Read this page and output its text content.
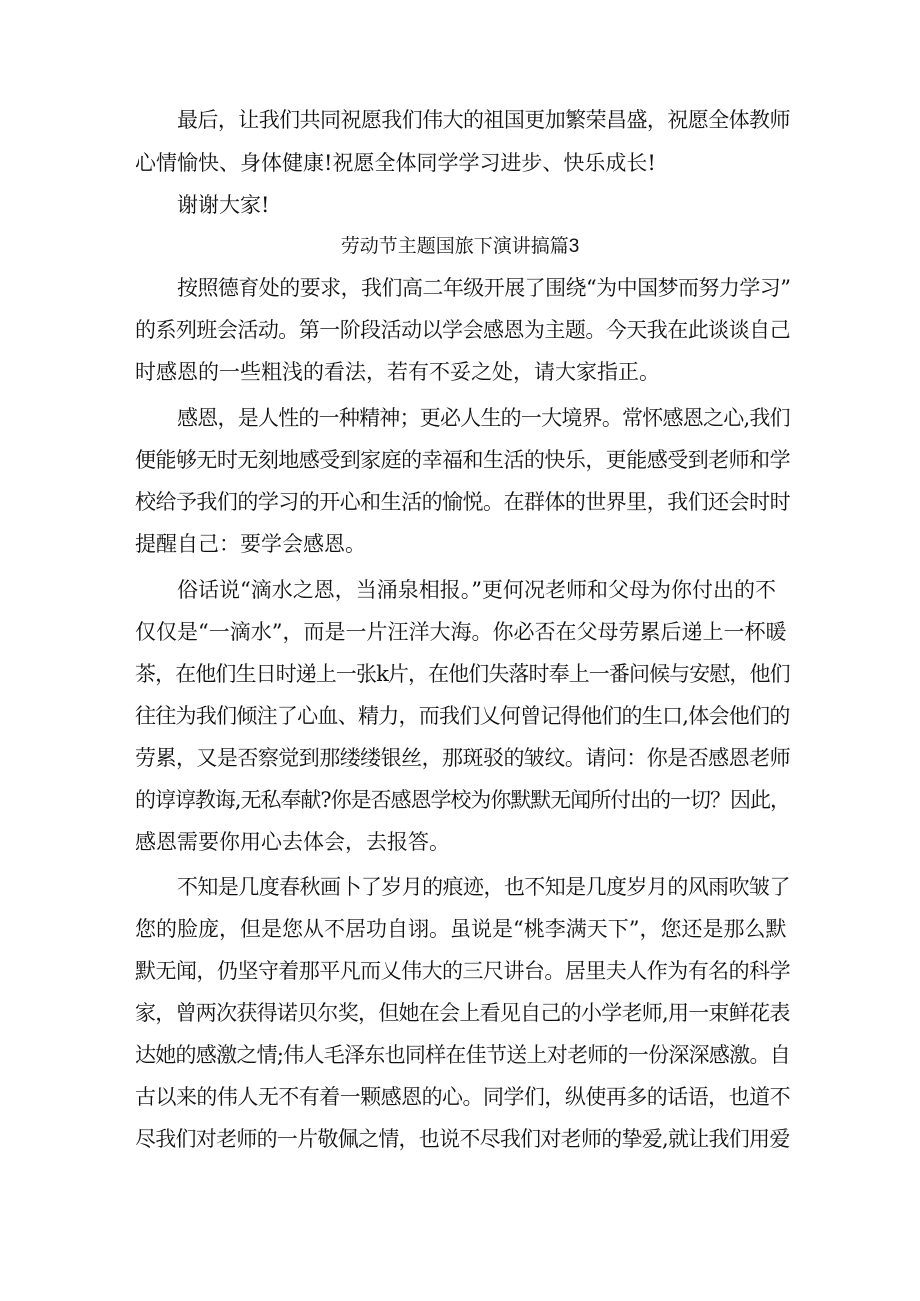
最后，让我们共同祝愿我们伟大的祖国更加繁荣昌盛，祝愿全体教师
心情愉快、身体健康!祝愿全体同学学习进步、快乐成长!
谢谢大家!
劳动节主题国旅下演讲搞篇3
按照德育处的要求，我们高二年级开展了围绕“为中国梦而努力学习”
的系列班会活动。第一阶段活动以学会感恩为主题。今天我在此谈谈自己
时感恩的一些粗浅的看法，若有不妥之处，请大家指正。
感恩，是人性的一种精神；更必人生的一大境界。常怀感恩之心,我们
便能够无时无刻地感受到家庭的幸福和生活的快乐，更能感受到老师和学
校给予我们的学习的开心和生活的愉悦。在群体的世界里，我们还会时时
提醒自己：要学会感恩。
俗话说“滴水之恩，当涌泉相报。”更何况老师和父母为你付出的不
仅仅是“一滴水”，而是一片汪洋大海。你必否在父母劳累后递上一杯暖
茶，在他们生日时递上一张k片，在他们失落时奉上一番问候与安慰，他们
往往为我们倾注了心血、精力，而我们乂何曾记得他们的生口,体会他们的
劳累，又是否察觉到那缕缕银丝，那斑驳的皱纹。请问：你是否感恩老师
的谆谆教诲,无私奉献?你是否感恩学校为你默默无闻所付出的一切？因此，
感恩需要你用心去体会，去报答。
不知是几度春秋画卜了岁月的痕迹，也不知是几度岁月的风雨吹皱了
您的脸庞，但是您从不居功自诩。虽说是“桃李满天下”，您还是那么默
默无闻，仍坚守着那平凡而乂伟大的三尺讲台。居里夫人作为有名的科学
家，曾两次获得诺贝尔奖，但她在会上看见自己的小学老师,用一束鲜花表
达她的感激之情;伟人毛泽东也同样在佳节送上对老师的一份深深感激。自
古以来的伟人无不有着一颗感恩的心。同学们，纵使再多的话语，也道不
尽我们对老师的一片敬佩之情，也说不尽我们对老师的挚爱,就让我们用爱
